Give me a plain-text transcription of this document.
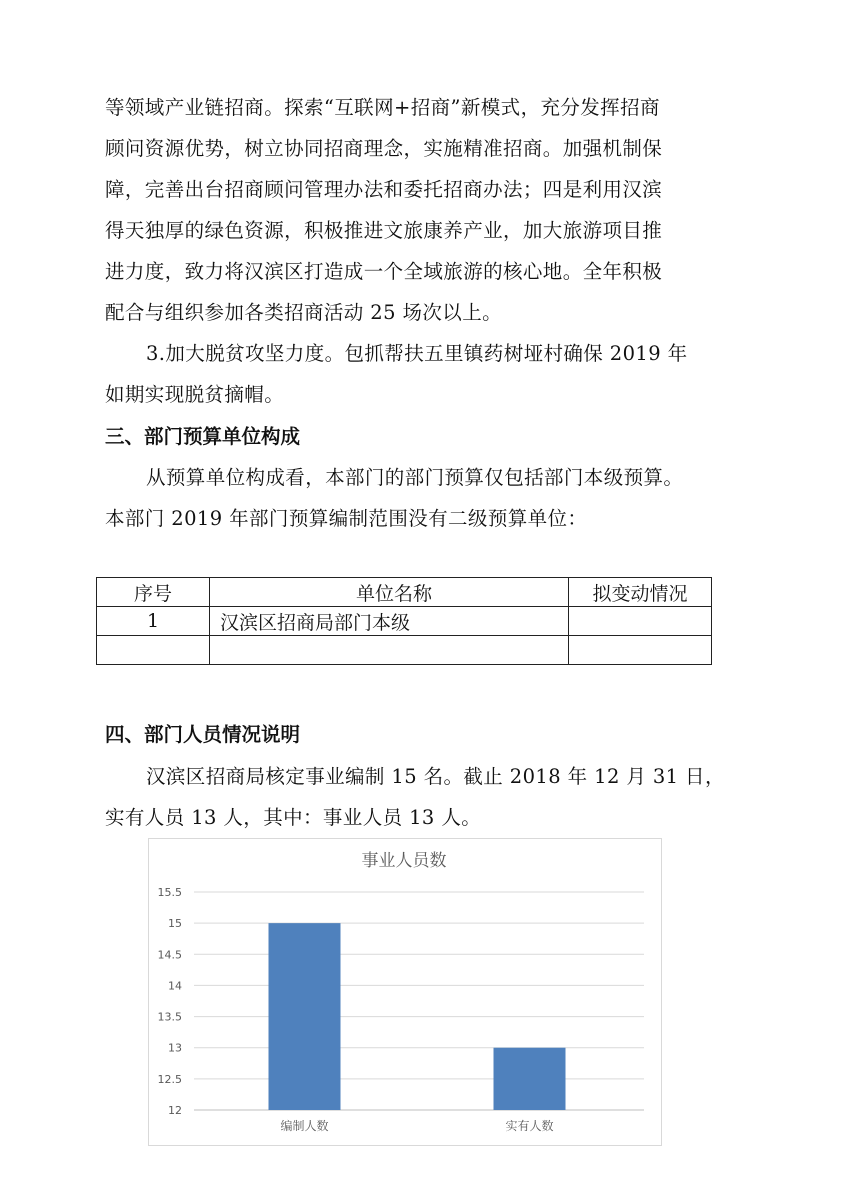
等领域产业链招商。探索“互联网+招商”新模式，充分发挥招商
顾问资源优势，树立协同招商理念，实施精准招商。加强机制保
障，完善出台招商顾问管理办法和委托招商办法；四是利用汉滨
得天独厚的绿色资源，积极推进文旅康养产业，加大旅游项目推
进力度，致力将汉滨区打造成一个全域旅游的核心地。全年积极
配合与组织参加各类招商活动 25 场次以上。
3.加大脱贫攻坚力度。包抓帮扶五里镇药树垭村确保 2019 年
如期实现脱贫摘帽。
三、部门预算单位构成
从预算单位构成看，本部门的部门预算仅包括部门本级预算。
本部门 2019 年部门预算编制范围没有二级预算单位：
序号	单位名称	拟变动情况
1	汉滨区招商局部门本级	

四、部门人员情况说明
汉滨区招商局核定事业编制 15 名。截止 2018 年 12 月 31 日，
实有人员 13 人，其中：事业人员 13 人。
事业人员数
12
12.5
13
13.5
14
14.5
15
15.5
编制人数	实有人数
